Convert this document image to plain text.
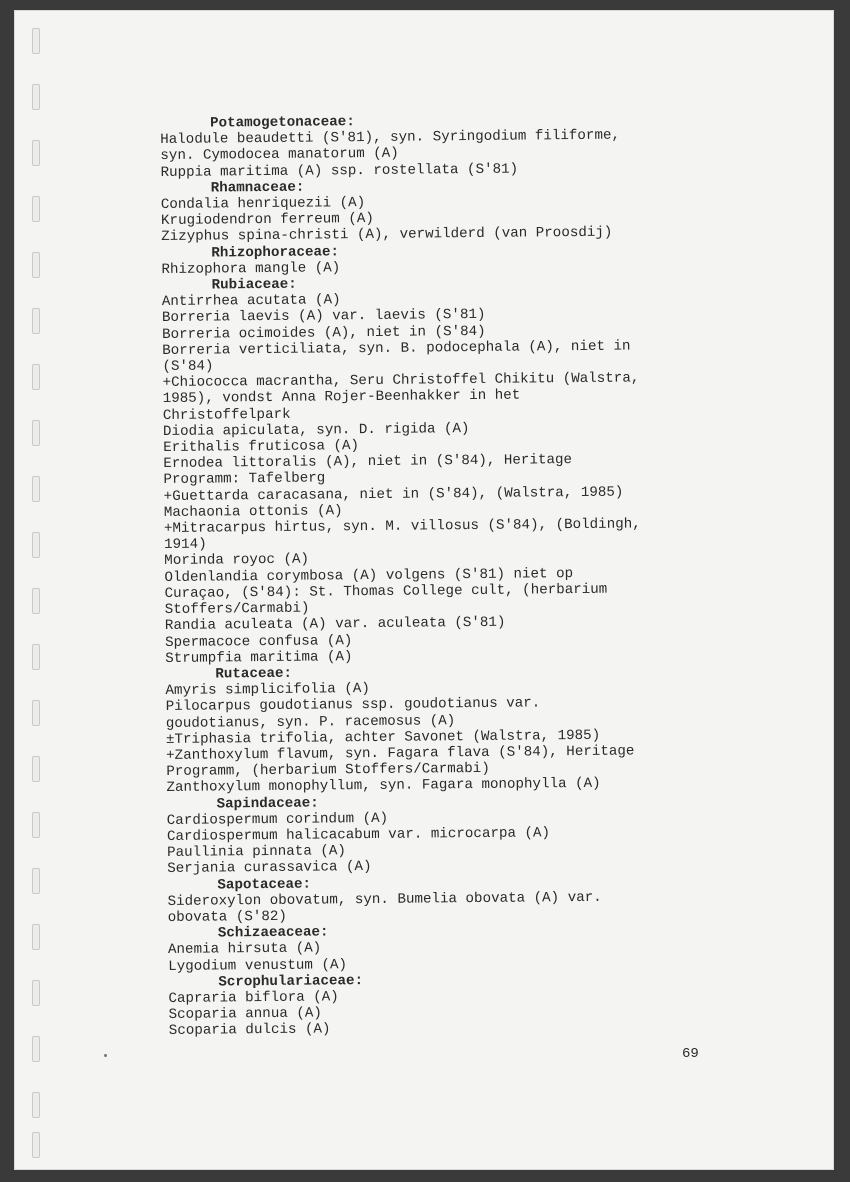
Potamogetonaceae:
Halodule beaudetti (S'81), syn. Syringodium filiforme,
syn. Cymodocea manatorum (A)
Ruppia maritima (A) ssp. rostellata (S'81)
Rhamnaceae:
Condalia henriquezii (A)
Krugiodendron ferreum (A)
Zizyphus spina-christi (A), verwilderd (van Proosdij)
Rhizophoraceae:
Rhizophora mangle (A)
Rubiaceae:
Antirrhea acutata (A)
Borreria laevis (A) var. laevis (S'81)
Borreria ocimoides (A), niet in (S'84)
Borreria verticiliata, syn. B. podocephala (A), niet in
(S'84)
+Chiococca macrantha, Seru Christoffel Chikitu (Walstra,
1985), vondst Anna Rojer-Beenhakker in het
Christoffelpark
Diodia apiculata, syn. D. rigida (A)
Erithalis fruticosa (A)
Ernodea littoralis (A), niet in (S'84), Heritage
Programm: Tafelberg
+Guettarda caracasana, niet in (S'84), (Walstra, 1985)
Machaonia ottonis (A)
+Mitracarpus hirtus, syn. M. villosus (S'84), (Boldingh,
1914)
Morinda royoc (A)
Oldenlandia corymbosa (A) volgens (S'81) niet op
Curaçao, (S'84): St. Thomas College cult, (herbarium
Stoffers/Carmabi)
Randia aculeata (A) var. aculeata (S'81)
Spermacoce confusa (A)
Strumpfia maritima (A)
Rutaceae:
Amyris simplicifolia (A)
Pilocarpus goudotianus ssp. goudotianus var.
goudotianus, syn. P. racemosus (A)
±Triphasia trifolia, achter Savonet (Walstra, 1985)
+Zanthoxylum flavum, syn. Fagara flava (S'84), Heritage
Programm, (herbarium Stoffers/Carmabi)
Zanthoxylum monophyllum, syn. Fagara monophylla (A)
Sapindaceae:
Cardiospermum corindum (A)
Cardiospermum halicacabum var. microcarpa (A)
Paullinia pinnata (A)
Serjania curassavica (A)
Sapotaceae:
Sideroxylon obovatum, syn. Bumelia obovata (A) var.
obovata (S'82)
Schizaeaceae:
Anemia hirsuta (A)
Lygodium venustum (A)
Scrophulariaceae:
Capraria biflora (A)
Scoparia annua (A)
Scoparia dulcis (A)
69
